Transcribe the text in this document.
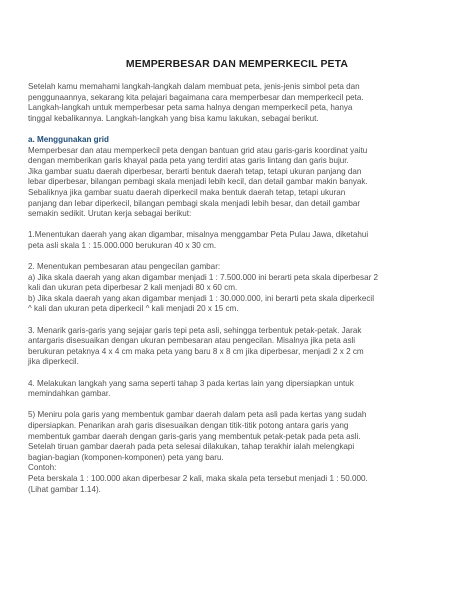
MEMPERBESAR DAN MEMPERKECIL PETA

Setelah kamu memahami langkah-langkah dalam membuat peta, jenis-jenis simbol peta dan
penggunaannya, sekarang kita pelajari bagaimana cara memperbesar dan memperkecil peta.
Langkah-langkah untuk memperbesar peta sama halnya dengan memperkecil peta, hanya
tinggal kebalikannya. Langkah-langkah yang bisa kamu lakukan, sebagai berikut.

a. Menggunakan grid

Memperbesar dan atau memperkecil peta dengan bantuan grid atau garis-garis koordinat yaitu
dengan memberikan garis khayal pada peta yang terdiri atas garis lintang dan garis bujur.
Jika gambar suatu daerah diperbesar, berarti bentuk daerah tetap, tetapi ukuran panjang dan
lebar diperbesar, bilangan pembagi skala menjadi lebih kecil, dan detail gambar makin banyak.
Sebaliknya jika gambar suatu daerah diperkecil maka bentuk daerah tetap, tetapi ukuran
panjang dan lebar diperkecil, bilangan pembagi skala menjadi lebih besar, dan detail gambar
semakin sedikit. Urutan kerja sebagai berikut:

1.Menentukan daerah yang akan digambar, misalnya menggambar Peta Pulau Jawa, diketahui
peta asli skala 1 : 15.000.000 berukuran 40 x 30 cm.

2. Menentukan pembesaran atau pengecilan gambar:
a) Jika skala daerah yang akan digambar menjadi 1 : 7.500.000 ini berarti peta skala diperbesar 2
kali dan ukuran peta diperbesar 2 kali menjadi 80 x 60 cm.
b) Jika skala daerah yang akan digambar menjadi 1 : 30.000.000, ini berarti peta skala diperkecil
^ kali dan ukuran peta diperkecil ^ kali menjadi 20 x 15 cm.

3. Menarik garis-garis yang sejajar garis tepi peta asli, sehingga terbentuk petak-petak. Jarak
antargaris disesuaikan dengan ukuran pembesaran atau pengecilan. Misalnya jika peta asli
berukuran petaknya 4 x 4 cm maka peta yang baru 8 x 8 cm jika diperbesar, menjadi 2 x 2 cm
jika diperkecil.

4. Melakukan langkah yang sama seperti tahap 3 pada kertas lain yang dipersiapkan untuk
memindahkan gambar.

5) Meniru pola garis yang membentuk gambar daerah dalam peta asli pada kertas yang sudah
dipersiapkan. Penarikan arah garis disesuaikan dengan titik-titik potong antara garis yang
membentuk gambar daerah dengan garis-garis yang membentuk petak-petak pada peta asli.
Setelah tiruan gambar daerah pada peta selesai dilakukan, tahap terakhir ialah melengkapi
bagian-bagian (komponen-komponen) peta yang baru.

Contoh:

Peta berskala 1 : 100.000 akan diperbesar 2 kali, maka skala peta tersebut menjadi 1 : 50.000.
(Lihat gambar 1.14).
